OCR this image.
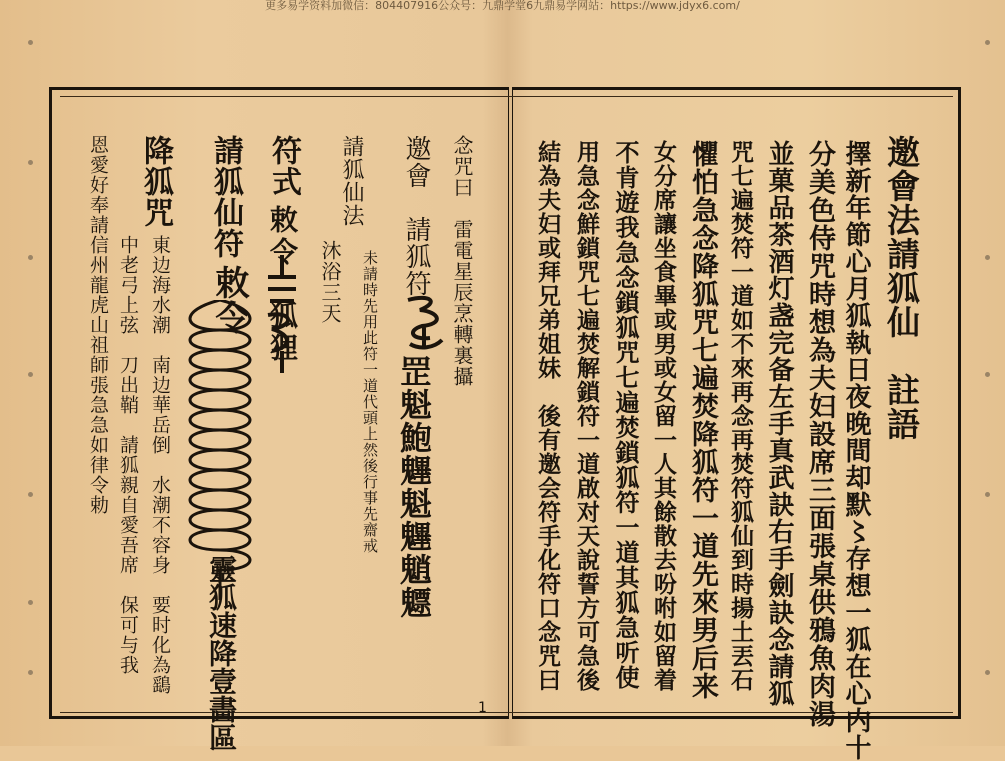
更多易学资料加微信：804407916公众号：九鼎学堂6九鼎易学网站：https://www.jdyx6.com/
邀會法請狐仙　註語
擇新年節心月狐執日夜晚間却默〻存想一狐在心内十
分美色侍咒時想為夫妇設席三面張桌供鴉魚肉湯
並菓品茶酒灯盏完备左手真武訣右手劍訣念請狐
咒七遍焚符一道如不來再念再焚符狐仙到時揚土丟石
懼怕急念降狐咒七遍焚降狐符一道先來男后来
女分席讓坐食畢或男或女留一人其餘散去吩咐如留着
不肯遊我急念鎖狐咒七遍焚鎖狐符一道其狐急听使
用急念鮮鎖咒七遍焚解鎖符一道啟对天說誓方可急後
結為夫妇或拜兄弟姐妹　後有邀会符手化符口念咒曰
1
念咒曰　雷電星辰烹轉裏攝
邀會　請狐符
罡魁鮑魓魁魓魈魒
未請時先用此符一道代頭上然後行事先齋戒
請狐仙法
沐浴三天
符式
敕令　狐狸
請狐仙符
敕令
靈狐速降壹畵區
降狐咒
東边海水潮　南边華岳倒　水潮不容身　要时化為鷂
中老弓上弦　刀出鞘　請狐親自愛吾席　保可与我
恩愛好奉請信州龍虎山祖師張急急如律令勅
